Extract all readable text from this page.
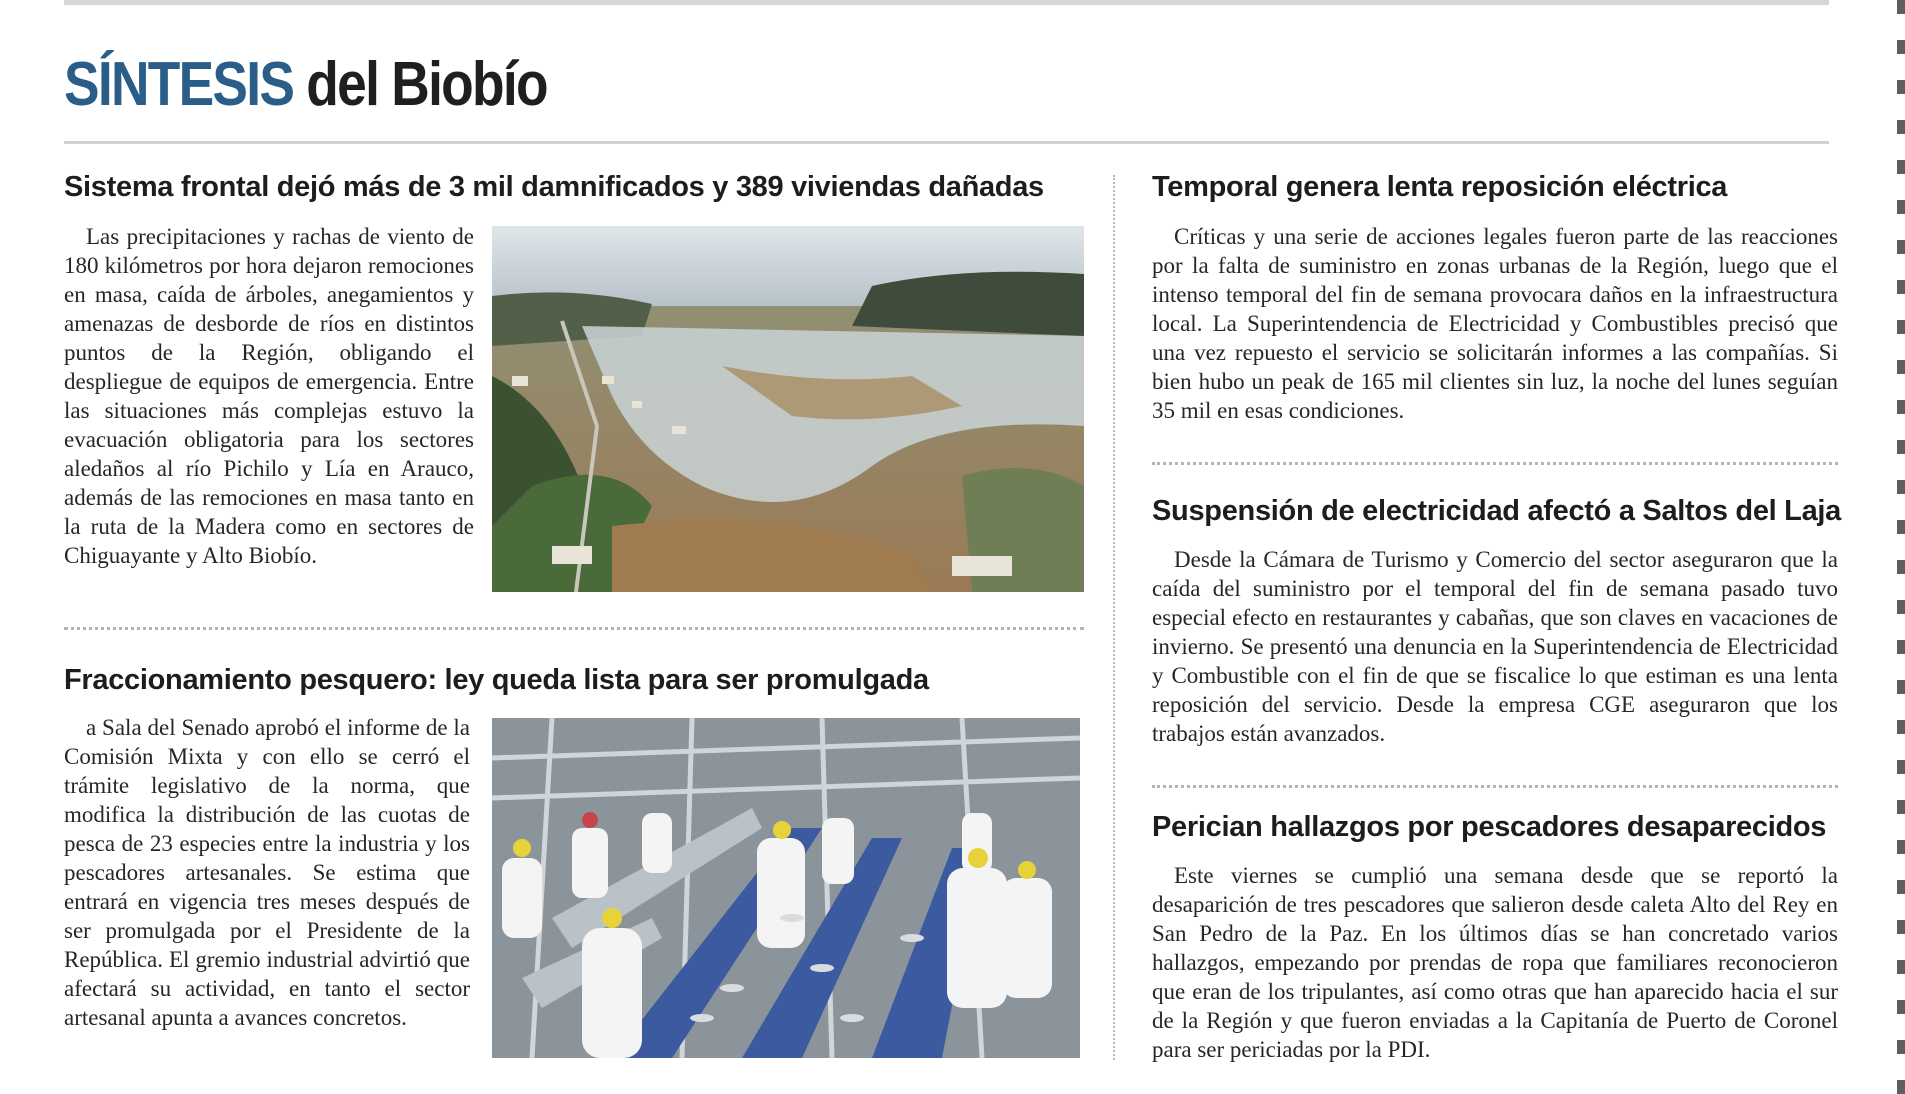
SÍNTESIS del Biobío
Sistema frontal dejó más de 3 mil damnificados y 389 viviendas dañadas

Las precipitaciones y rachas de viento de 180 kilómetros por hora dejaron remociones en masa, caída de árboles, anegamientos y amenazas de desborde de ríos en distintos puntos de la Región, obligando el despliegue de equipos de emergencia. Entre las situaciones más complejas estuvo la evacuación obligatoria para los sectores aledaños al río Pichilo y Lía en Arauco, además de las remociones en masa tanto en la ruta de la Madera como en sectores de Chiguayante y Alto Biobío.

Fraccionamiento pesquero: ley queda lista para ser promulgada

a Sala del Senado aprobó el informe de la Comisión Mixta y con ello se cerró el trámite legislativo de la norma, que modifica la distribución de las cuotas de pesca de 23 especies entre la industria y los pescadores artesanales. Se estima que entrará en vigencia tres meses después de ser promulgada por el Presidente de la República. El gremio industrial advirtió que afectará su actividad, en tanto el sector artesanal apunta a avances concretos.

Temporal genera lenta reposición eléctrica

Críticas y una serie de acciones legales fueron parte de las reacciones por la falta de suministro en zonas urbanas de la Región, luego que el intenso temporal del fin de semana provocara daños en la infraestructura local. La Superintendencia de Electricidad y Combustibles precisó que una vez repuesto el servicio se solicitarán informes a las compañías. Si bien hubo un peak de 165 mil clientes sin luz, la noche del lunes seguían 35 mil en esas condiciones.

Suspensión de electricidad afectó a Saltos del Laja

Desde la Cámara de Turismo y Comercio del sector aseguraron que la caída del suministro por el temporal del fin de semana pasado tuvo especial efecto en restaurantes y cabañas, que son claves en vacaciones de invierno. Se presentó una denuncia en la Superintendencia de Electricidad y Combustible con el fin de que se fiscalice lo que estiman es una lenta reposición del servicio. Desde la empresa CGE aseguraron que los trabajos están avanzados.

Perician hallazgos por pescadores desaparecidos

Este viernes se cumplió una semana desde que se reportó la desaparición de tres pescadores que salieron desde caleta Alto del Rey en San Pedro de la Paz. En los últimos días se han concretado varios hallazgos, empezando por prendas de ropa que familiares reconocieron que eran de los tripulantes, así como otras que han aparecido hacia el sur de la Región y que fueron enviadas a la Capitanía de Puerto de Coronel para ser periciadas por la PDI.
